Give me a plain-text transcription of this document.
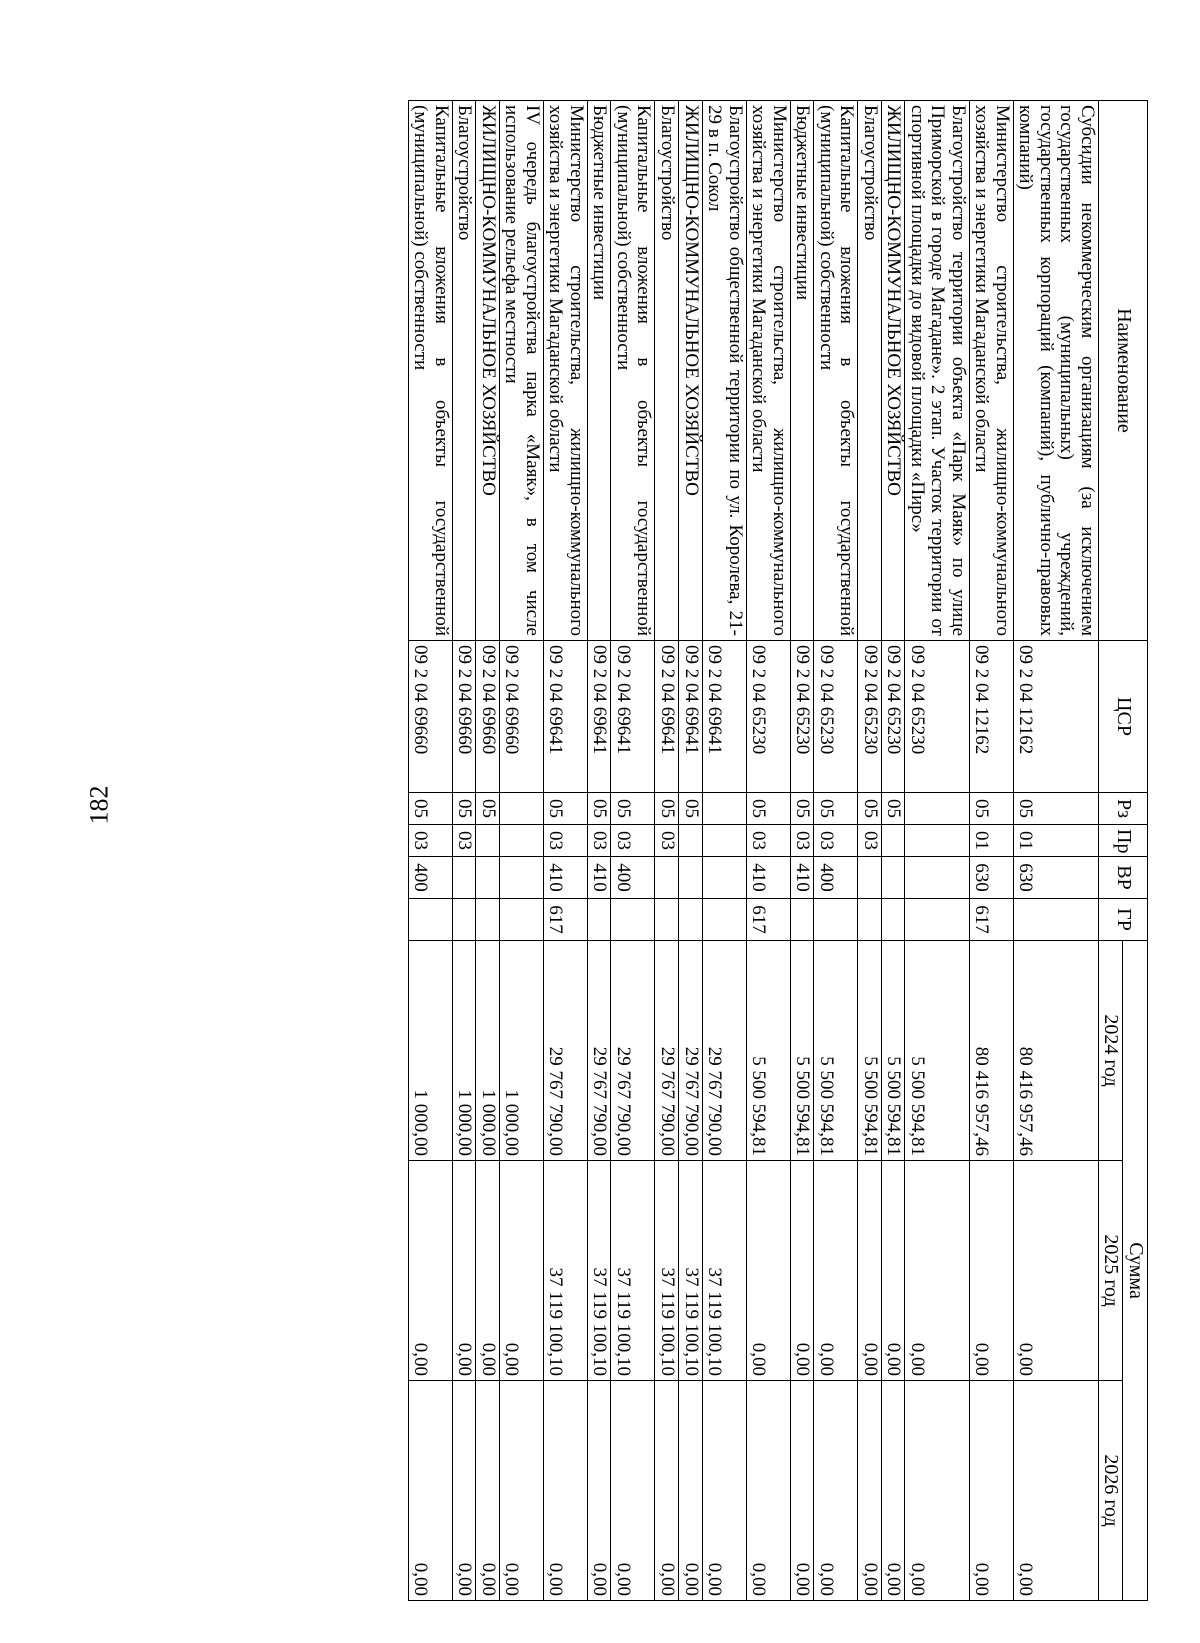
182
Наименование	ЦСР	Рз	Пр	ВР	ГР	Сумма		
						2024 год	2025 год	2026 год
Субсидии некоммерческим организациям (за исключением государственных (муниципальных) учреждений, государственных корпораций (компаний), публично-правовых компаний)	09 2 04 12162	05	01	630		80 416 957,46	0,00	0,00
Министерство строительства, жилищно-коммунального хозяйства и энергетики Магаданской области	09 2 04 12162	05	01	630	617	80 416 957,46	0,00	0,00
Благоустройство территории объекта «Парк Маяк» по улице Приморской в городе Магадане». 2 этап. Участок территории от спортивной площадки до видовой площадки «Пирс»	09 2 04 65230					5 500 594,81	0,00	0,00
ЖИЛИЩНО-КОММУНАЛЬНОЕ ХОЗЯЙСТВО	09 2 04 65230	05				5 500 594,81	0,00	0,00
Благоустройство	09 2 04 65230	05	03			5 500 594,81	0,00	0,00
Капитальные вложения в объекты государственной (муниципальной) собственности	09 2 04 65230	05	03	400		5 500 594,81	0,00	0,00
Бюджетные инвестиции	09 2 04 65230	05	03	410		5 500 594,81	0,00	0,00
Министерство строительства, жилищно-коммунального хозяйства и энергетики Магаданской области	09 2 04 65230	05	03	410	617	5 500 594,81	0,00	0,00
Благоустройство общественной территории по ул. Королева, 21-29 в п. Сокол	09 2 04 69641					29 767 790,00	37 119 100,10	0,00
ЖИЛИЩНО-КОММУНАЛЬНОЕ ХОЗЯЙСТВО	09 2 04 69641	05				29 767 790,00	37 119 100,10	0,00
Благоустройство	09 2 04 69641	05	03			29 767 790,00	37 119 100,10	0,00
Капитальные вложения в объекты государственной (муниципальной) собственности	09 2 04 69641	05	03	400		29 767 790,00	37 119 100,10	0,00
Бюджетные инвестиции	09 2 04 69641	05	03	410		29 767 790,00	37 119 100,10	0,00
Министерство строительства, жилищно-коммунального хозяйства и энергетики Магаданской области	09 2 04 69641	05	03	410	617	29 767 790,00	37 119 100,10	0,00
IV очередь благоустройства парка «Маяк», в том числе использование рельефа местности	09 2 04 69660					1 000,00	0,00	0,00
ЖИЛИЩНО-КОММУНАЛЬНОЕ ХОЗЯЙСТВО	09 2 04 69660	05				1 000,00	0,00	0,00
Благоустройство	09 2 04 69660	05	03			1 000,00	0,00	0,00
Капитальные вложения в объекты государственной (муниципальной) собственности	09 2 04 69660	05	03	400		1 000,00	0,00	0,00
